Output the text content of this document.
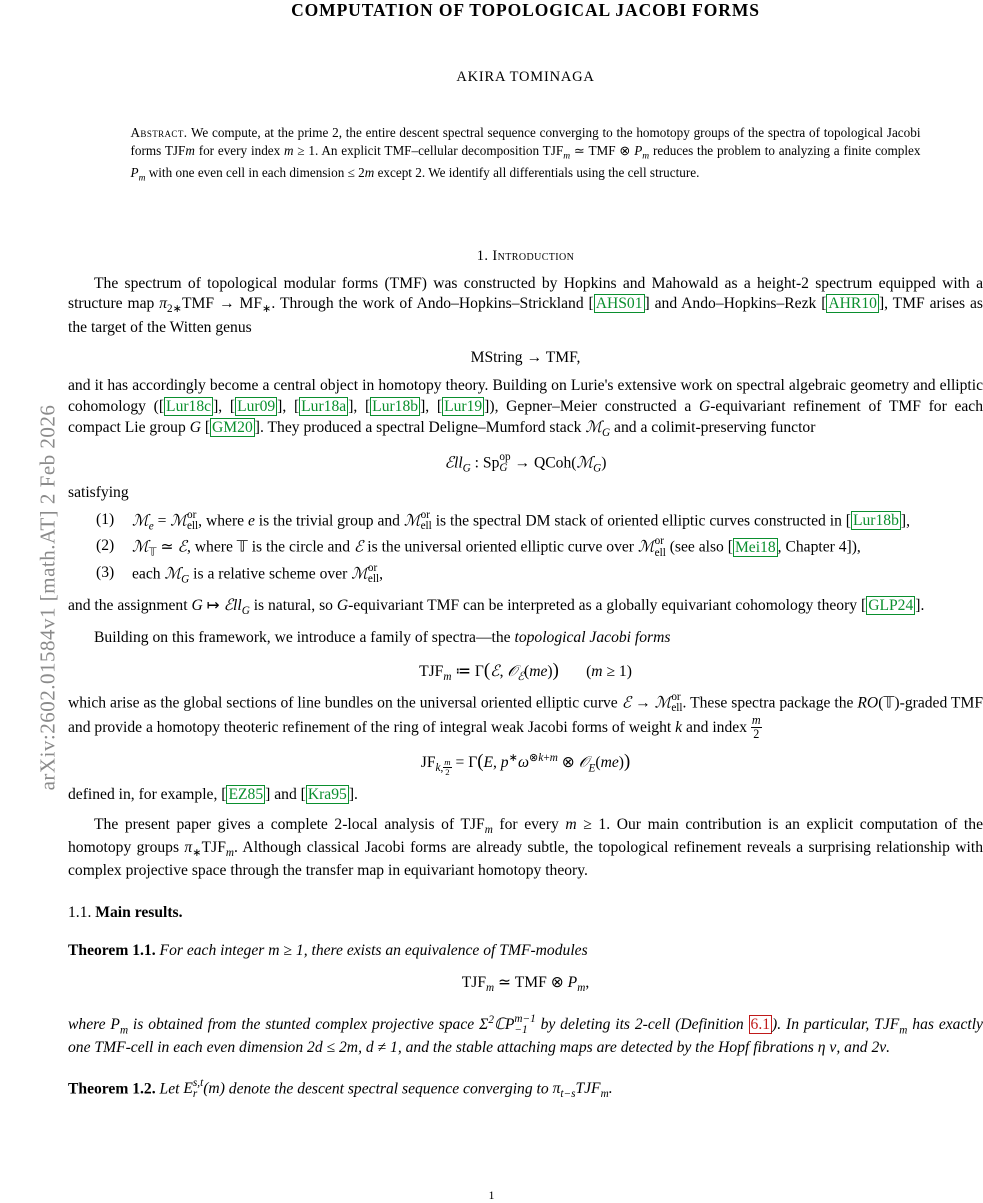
arXiv:2602.01584v1 [math.AT] 2 Feb 2026
COMPUTATION OF TOPOLOGICAL JACOBI FORMS
AKIRA TOMINAGA
Abstract. We compute, at the prime 2, the entire descent spectral sequence converging to the homotopy groups of the spectra of topological Jacobi forms TJFm for every index m ≥ 1. An explicit TMF–cellular decomposition $TJF_m$ ≃ TMF ⊗ $P_m$ reduces the problem to analyzing a finite complex $P_m$ with one even cell in each dimension ≤ 2m except 2. We identify all differentials using the cell structure.
1. Introduction

The spectrum of topological modular forms (TMF) was constructed by Hopkins and Mahowald as a height-2 spectrum equipped with a structure map $\pi_{2∗}TMF \to MF_∗$. Through the work of Ando–Hopkins–Strickland [ AHS01 ] and Ando–Hopkins–Rezk [ AHR10 ], TMF arises as the target of the Witten genus

MString → TMF,

and it has accordingly become a central object in homotopy theory. Building on Lurie's extensive work on spectral algebraic geometry and elliptic cohomology ([ Lur18c ], [ Lur09 ], [ Lur18a ], [ Lur18b ], [ Lur19 ]), Gepner–Meier constructed a G-equivariant refinement of TMF for each compact Lie group G [ GM20 ]. They produced a spectral Deligne–Mumford stack ℳ$_G$ and a colimit-preserving functor

ℰll$_G$ : Sp op
G → QCoh(ℳ$_G$)

satisfying

(1)	ℳ$_e$ = ℳ or
ell , where e is the trivial group and ℳ or
ell is the spectral DM stack of oriented elliptic curves constructed in [ Lur18b ],
(2)	ℳ$_𝕋$ ≃ ℰ, where 𝕋 is the circle and ℰ is the universal oriented elliptic curve over ℳ or
ell (see also [ Mei18 , Chapter 4]),
(3)	each ℳ$_G$ is a relative scheme over ℳ or
ell ,

and the assignment G ↦ ℰll$_G$ is natural, so G-equivariant TMF can be interpreted as a globally equivariant cohomology theory [ GLP24 ].

Building on this framework, we introduce a family of spectra—the topological Jacobi forms

$TJF_m$ ≔ Γ(ℰ, 𝒪$_ℰ$(me))       (m ≥ 1)

which arise as the global sections of line bundles on the universal oriented elliptic curve ℰ → ℳ or
ell . These spectra package the RO(𝕋)-graded TMF and provide a homotopy theoteric refinement of the ring of integral weak Jacobi forms of weight k and index $\frac{m}{2}$

$JF_{k, \frac{m}{2}} = \Gamma(E$, $p^∗\omega^{\otimes k+m}$ ⊗ 𝒪$_E$(me))

defined in, for example, [ EZ85 ] and [ Kra95 ].

The present paper gives a complete 2-local analysis of $TJF_m$ for every m ≥ 1. Our main contribution is an explicit computation of the homotopy groups $\pi_∗TJF_m$. Although classical Jacobi forms are already subtle, the topological refinement reveals a surprising relationship with complex projective space through the transfer map in equivariant homotopy theory.

1.1. Main results.
Theorem 1.1. For each integer m ≥ 1, there exists an equivalence of TMF-modules
$TJF_m$ ≃ TMF ⊗ $P_m$,
where $P_m$ is obtained from the stunted complex projective space $\Sigma^2ℂP$ m−1
−1 by deleting its 2-cell (Definition 6.1 ). In particular, $TJF_m$ has exactly one TMF-cell in each even dimension 2d ≤ 2m, d ≠ 1, and the stable attaching maps are detected by the Hopf fibrations η ν, and 2ν.
Theorem 1.2. Let E s,t
r (m) denote the descent spectral sequence converging to $\pi_{t-s}TJF_m$.
1
